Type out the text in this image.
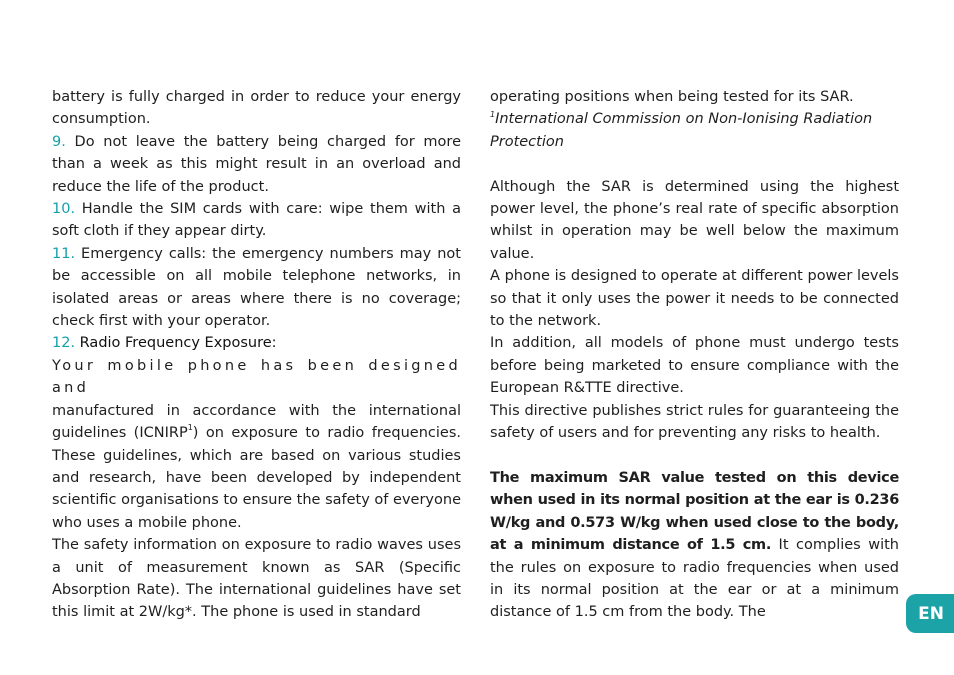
battery is fully charged in order to reduce your energy consumption.

9. Do not leave the battery being charged for more than a week as this might result in an overload and reduce the life of the product.

10. Handle the SIM cards with care: wipe them with a soft cloth if they appear dirty.

11. Emergency calls: the emergency numbers may not be accessible on all mobile telephone networks, in isolated areas or areas where there is no coverage; check first with your operator.

12. Radio Frequency Exposure:

Your mobile phone has been designed and

manufactured in accordance with the international guidelines (ICNIRP$^1$) on exposure to radio frequencies. These guidelines, which are based on various studies and research, have been developed by independent scientific organisations to ensure the safety of everyone who uses a mobile phone.

The safety information on exposure to radio waves uses a unit of measurement known as SAR (Specific Absorption Rate). The international guidelines have set this limit at 2W/kg*. The phone is used in standard

operating positions when being tested for its SAR.

$^1$International Commission on Non-Ionising Radiation Protection

Although the SAR is determined using the highest power level, the phone’s real rate of specific absorption whilst in operation may be well below the maximum value.

A phone is designed to operate at different power levels so that it only uses the power it needs to be connected to the network.

In addition, all models of phone must undergo tests before being marketed to ensure compliance with the European R&TTE directive.

This directive publishes strict rules for guaranteeing the safety of users and for preventing any risks to health.

The maximum SAR value tested on this device when used in its normal position at the ear is 0.236 W/kg and 0.573 W/kg when used close to the body, at a minimum distance of 1.5 cm. It complies with the rules on exposure to radio frequencies when used in its normal position at the ear or at a minimum distance of 1.5 cm from the body. The	EN
